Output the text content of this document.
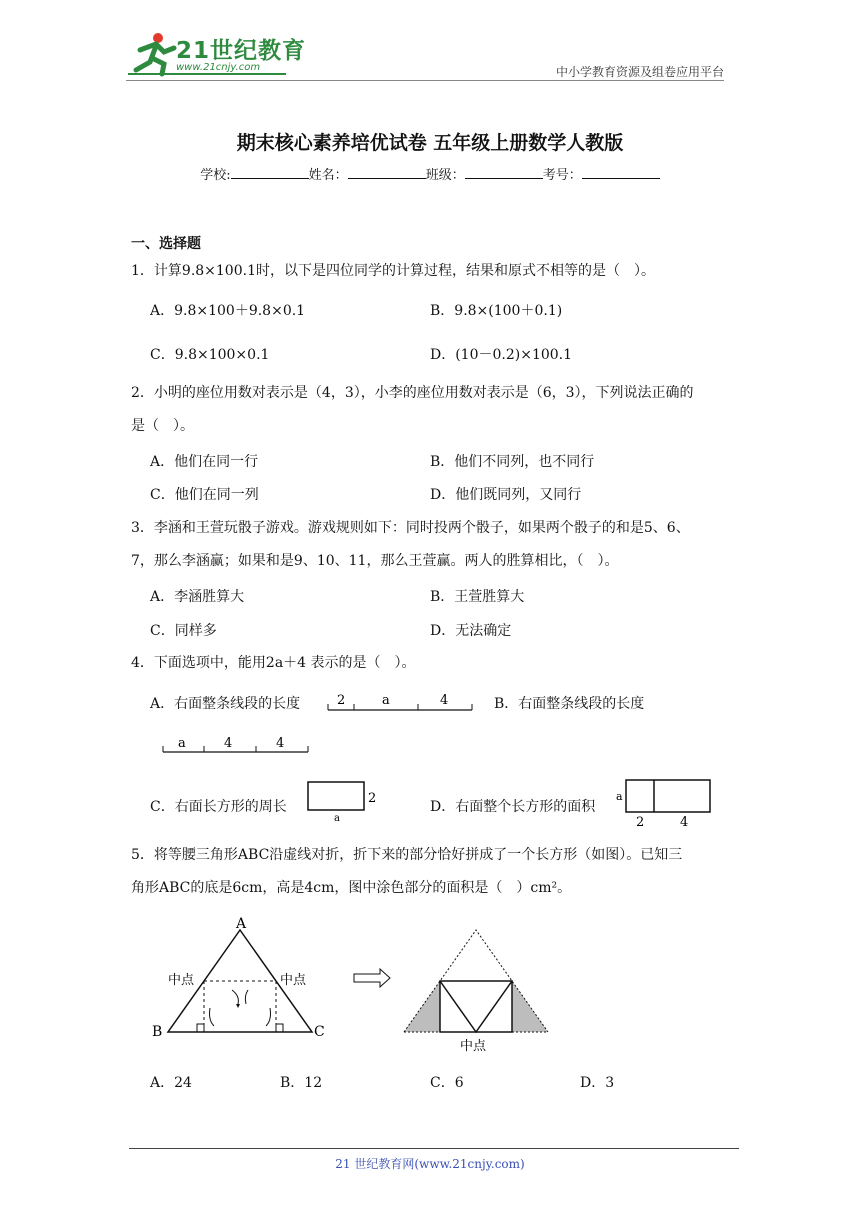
21世纪教育
www.21cnjy.com	中小学教育资源及组卷应用平台
期末核心素养培优试卷 五年级上册数学人教版
学校:	姓名：	班级：	考号：
一、选择题
1．计算9.8×100.1时，以下是四位同学的计算过程，结果和原式不相等的是（　）。
A．9.8×100＋9.8×0.1	B．9.8×(100＋0.1)
C．9.8×100×0.1	D．(10－0.2)×100.1
2．小明的座位用数对表示是（4，3），小李的座位用数对表示是（6，3），下列说法正确的
是（　）。
A．他们在同一行	B．他们不同列，也不同行
C．他们在同一列	D．他们既同列，又同行
3．李涵和王萱玩骰子游戏。游戏规则如下：同时投两个骰子，如果两个骰子的和是5、6、
7，那么李涵赢；如果和是9、10、11，那么王萱赢。两人的胜算相比，（　）。
A．李涵胜算大	B．王萱胜算大
C．同样多	D．无法确定
4．下面选项中，能用2a＋4 表示的是（　）。
A．右面整条线段的长度	2	a	4	B．右面整条线段的长度
a	4	4
C．右面长方形的周长
2
a
D．右面整个长方形的面积
a
2	4
5．将等腰三角形ABC沿虚线对折，折下来的部分恰好拼成了一个长方形（如图）。已知三
角形ABC的底是6cm，高是4cm，图中涂色部分的面积是（　）cm²。
A
B	C
中点	中点
中点
A．24	B．12	C．6	D．3
21 世纪教育网(www.21cnjy.com)
